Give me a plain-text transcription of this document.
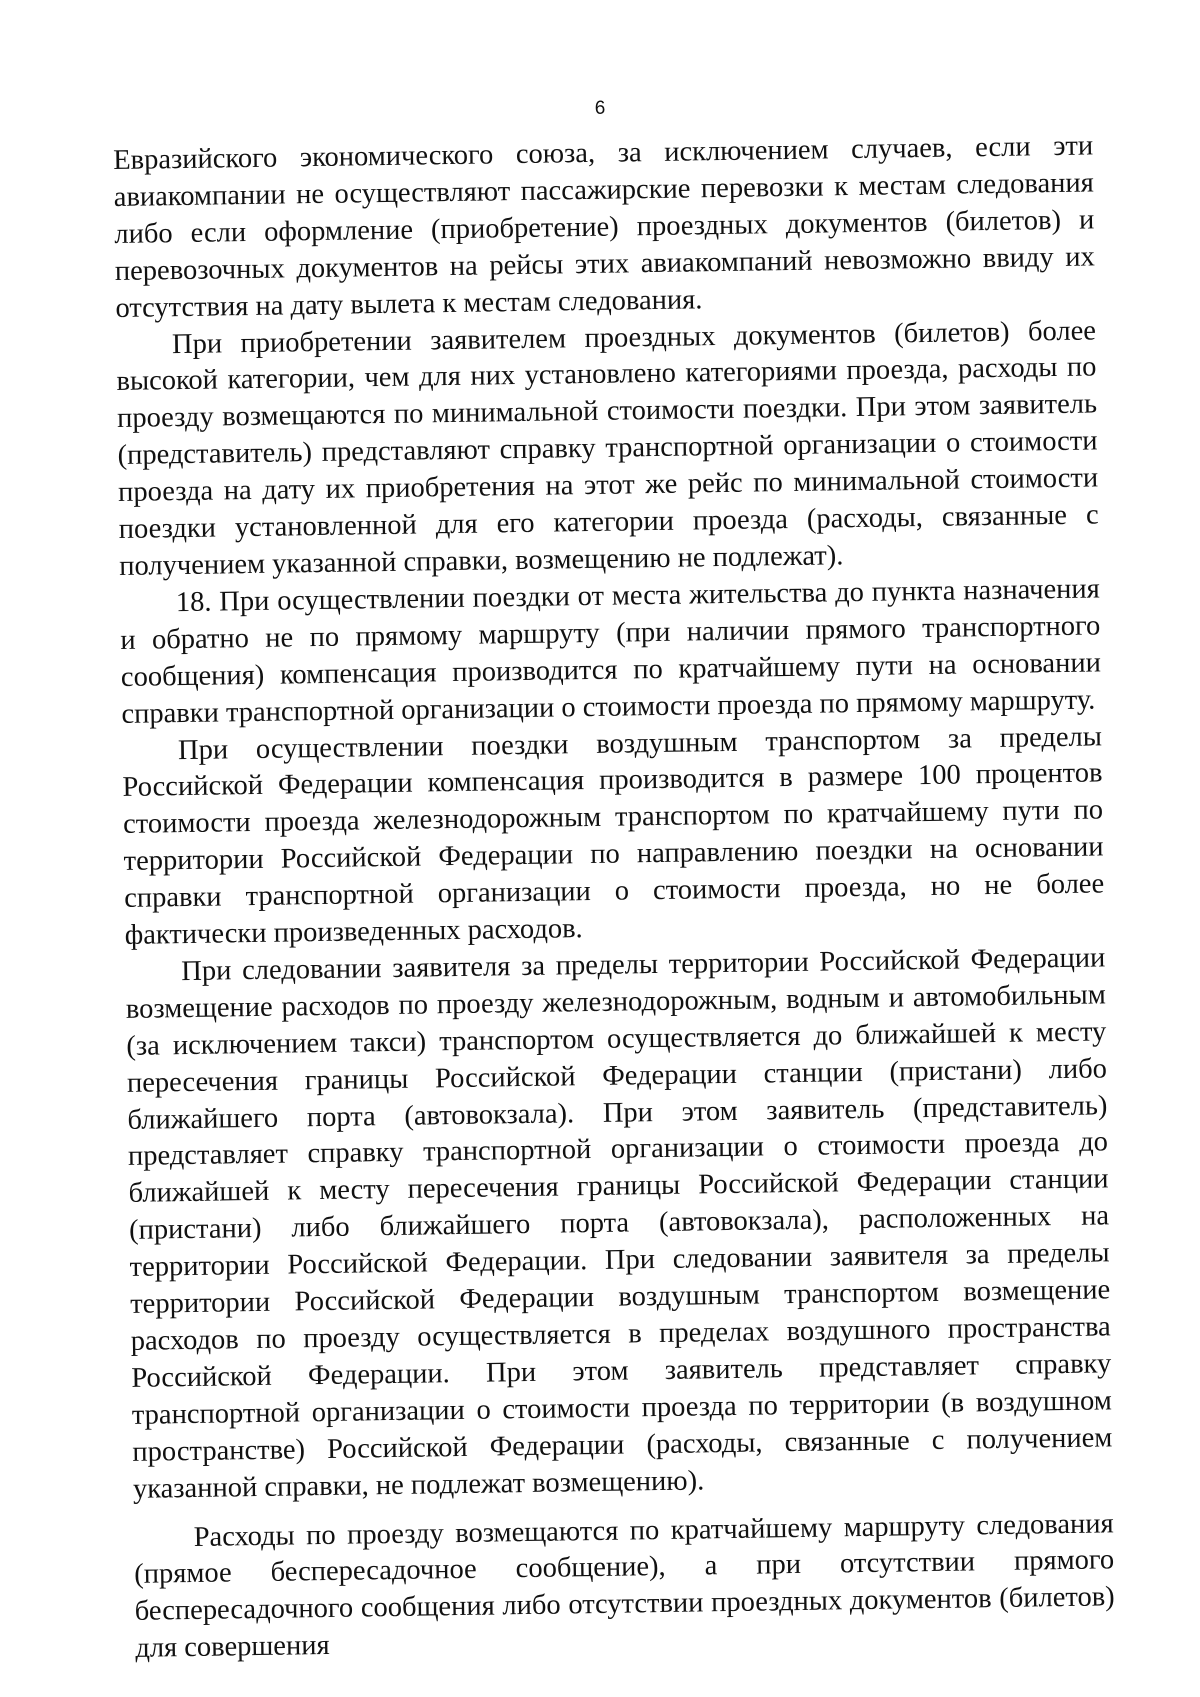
6

Евразийского экономического союза, за исключением случаев, если эти авиакомпании не осуществляют пассажирские перевозки к местам следования либо если оформление (приобретение) проездных документов (билетов) и перевозочных документов на рейсы этих авиакомпаний невозможно ввиду их отсутствия на дату вылета к местам следования.

При приобретении заявителем проездных документов (билетов) более высокой категории, чем для них установлено категориями проезда, расходы по проезду возмещаются по минимальной стоимости поездки. При этом заявитель (представитель) представляют справку транспортной организации о стоимости проезда на дату их приобретения на этот же рейс по минимальной стоимости поездки установленной для его категории проезда (расходы, связанные с получением указанной справки, возмещению не подлежат).

18. При осуществлении поездки от места жительства до пункта назначения и обратно не по прямому маршруту (при наличии прямого транспортного сообщения) компенсация производится по кратчайшему пути на основании справки транспортной организации о стоимости проезда по прямому маршруту.

При осуществлении поездки воздушным транспортом за пределы Российской Федерации компенсация производится в размере 100 процентов стоимости проезда железнодорожным транспортом по кратчайшему пути по территории Российской Федерации по направлению поездки на основании справки транспортной организации о стоимости проезда, но не более фактически произведенных расходов.

При следовании заявителя за пределы территории Российской Федерации возмещение расходов по проезду железнодорожным, водным и автомобильным (за исключением такси) транспортом осуществляется до ближайшей к месту пересечения границы Российской Федерации станции (пристани) либо ближайшего порта (автовокзала). При этом заявитель (представитель) представляет справку транспортной организации о стоимости проезда до ближайшей к месту пересечения границы Российской Федерации станции (пристани) либо ближайшего порта (автовокзала), расположенных на территории Российской Федерации. При следовании заявителя за пределы территории Российской Федерации воздушным транспортом возмещение расходов по проезду осуществляется в пределах воздушного пространства Российской Федерации. При этом заявитель представляет справку транспортной организации о стоимости проезда по территории (в воздушном пространстве) Российской Федерации (расходы, связанные с получением указанной справки, не подлежат возмещению).

Расходы по проезду возмещаются по кратчайшему маршруту следования (прямое беспересадочное сообщение), а при отсутствии прямого беспересадочного сообщения либо отсутствии проездных документов (билетов) для совершения
